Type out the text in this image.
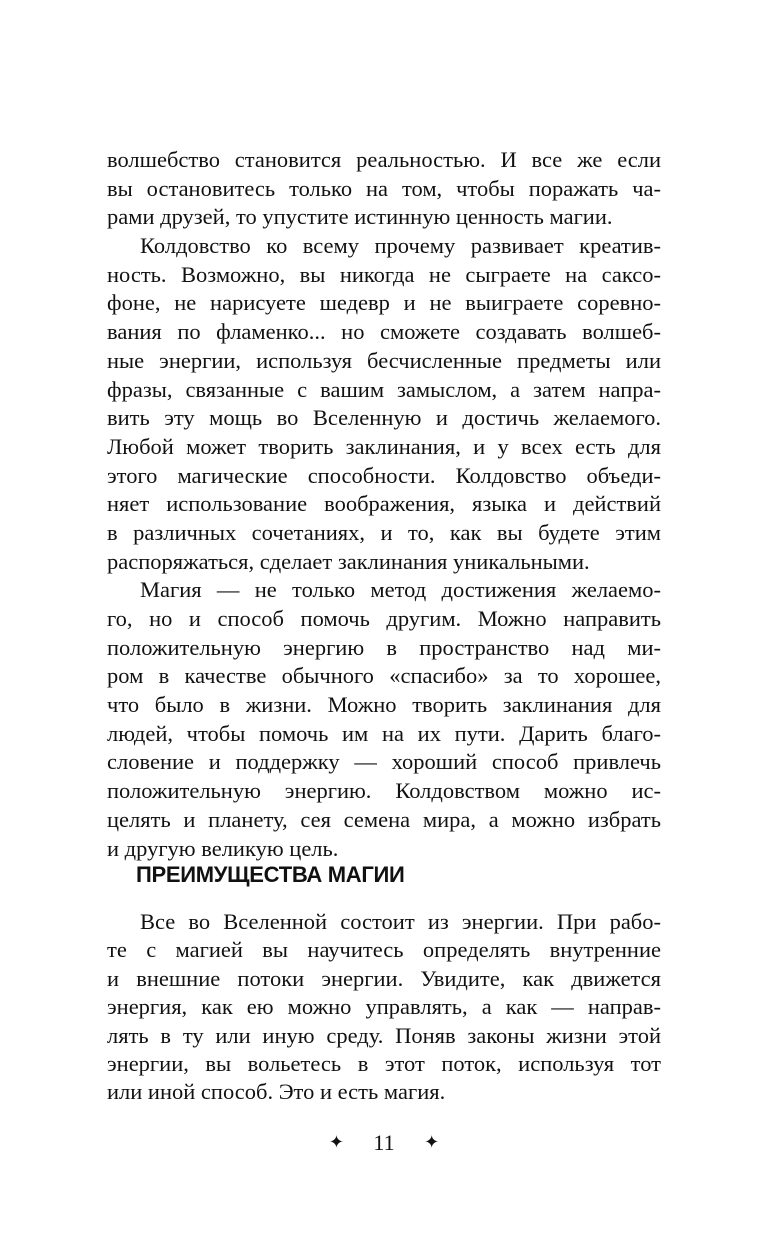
волшебство становится реальностью. И все же если
вы остановитесь только на том, чтобы поражать ча-
рами друзей, то упустите истинную ценность магии.
Колдовство ко всему прочему развивает креатив-
ность. Возможно, вы никогда не сыграете на саксо-
фоне, не нарисуете шедевр и не выиграете соревно-
вания по фламенко... но сможете создавать волшеб-
ные энергии, используя бесчисленные предметы или
фразы, связанные с вашим замыслом, а затем напра-
вить эту мощь во Вселенную и достичь желаемого.
Любой может творить заклинания, и у всех есть для
этого магические способности. Колдовство объеди-
няет использование воображения, языка и действий
в различных сочетаниях, и то, как вы будете этим
распоряжаться, сделает заклинания уникальными.
Магия — не только метод достижения желаемо-
го, но и способ помочь другим. Можно направить
положительную энергию в пространство над ми-
ром в качестве обычного «спасибо» за то хорошее,
что было в жизни. Можно творить заклинания для
людей, чтобы помочь им на их пути. Дарить благо-
словение и поддержку — хороший способ привлечь
положительную энергию. Колдовством можно ис-
целять и планету, сея семена мира, а можно избрать
и другую великую цель.
ПРЕИМУЩЕСТВА МАГИИ
Все во Вселенной состоит из энергии. При рабо-
те с магией вы научитесь определять внутренние
и внешние потоки энергии. Увидите, как движется
энергия, как ею можно управлять, а как — направ-
лять в ту или иную среду. Поняв законы жизни этой
энергии, вы вольетесь в этот поток, используя тот
или иной способ. Это и есть магия.
✦ 11 ✦
